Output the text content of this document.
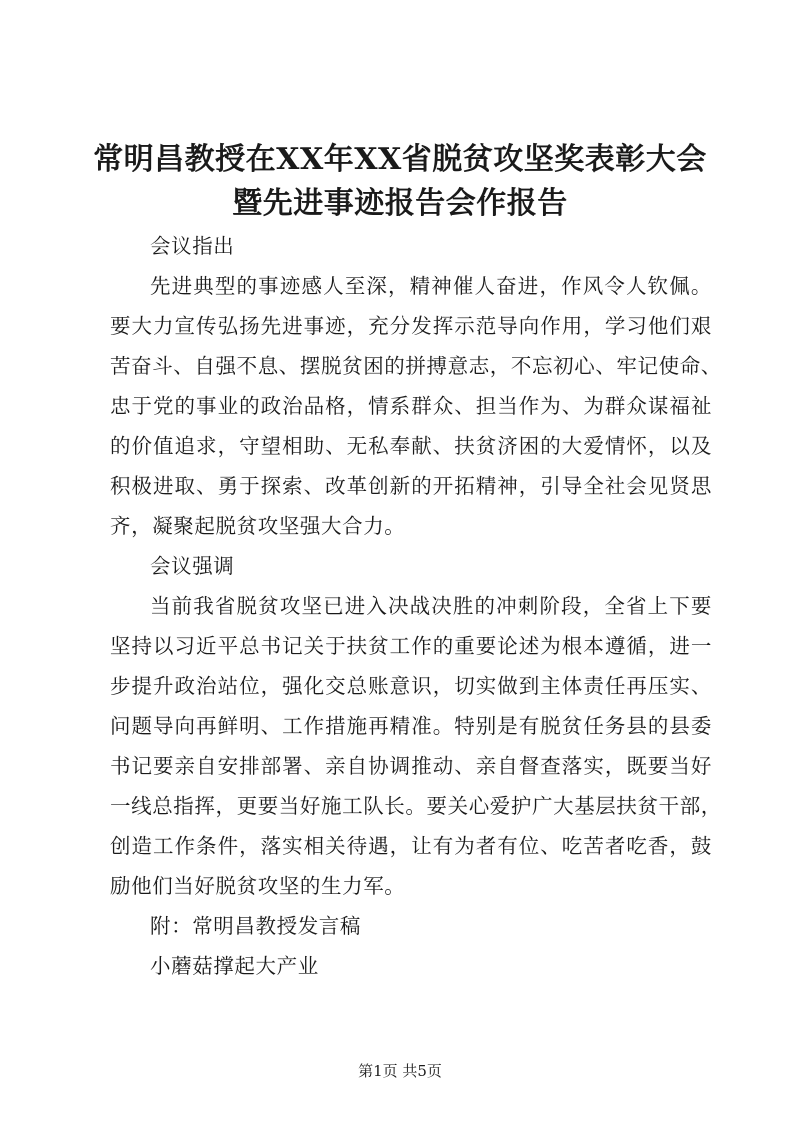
常明昌教授在XX年XX省脱贫攻坚奖表彰大会
暨先进事迹报告会作报告
会议指出
先进典型的事迹感人至深，精神催人奋进，作风令人钦佩。
要大力宣传弘扬先进事迹，充分发挥示范导向作用，学习他们艰
苦奋斗、自强不息、摆脱贫困的拼搏意志，不忘初心、牢记使命、
忠于党的事业的政治品格，情系群众、担当作为、为群众谋福祉
的价值追求，守望相助、无私奉献、扶贫济困的大爱情怀，以及
积极进取、勇于探索、改革创新的开拓精神，引导全社会见贤思
齐，凝聚起脱贫攻坚强大合力。
会议强调
当前我省脱贫攻坚已进入决战决胜的冲刺阶段，全省上下要
坚持以习近平总书记关于扶贫工作的重要论述为根本遵循，进一
步提升政治站位，强化交总账意识，切实做到主体责任再压实、
问题导向再鲜明、工作措施再精准。特别是有脱贫任务县的县委
书记要亲自安排部署、亲自协调推动、亲自督查落实，既要当好
一线总指挥，更要当好施工队长。要关心爱护广大基层扶贫干部，
创造工作条件，落实相关待遇，让有为者有位、吃苦者吃香，鼓
励他们当好脱贫攻坚的生力军。
附：常明昌教授发言稿
小蘑菇撑起大产业
第1页 共5页
